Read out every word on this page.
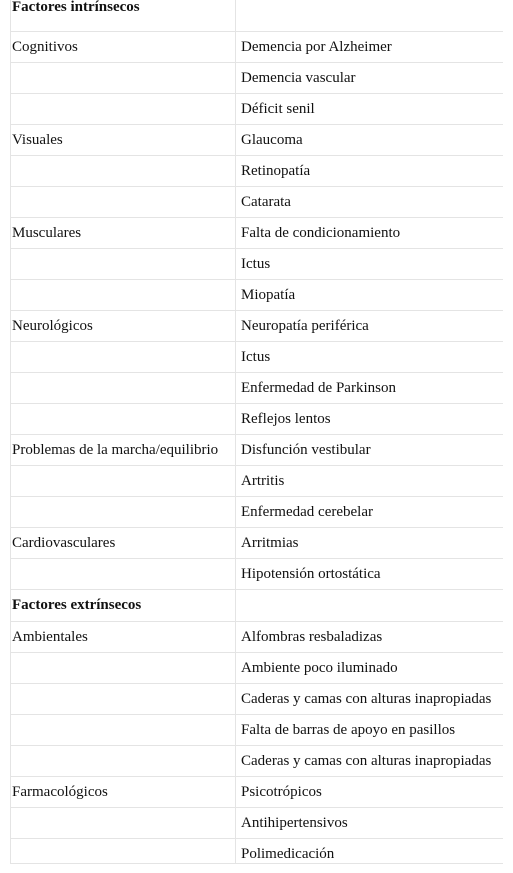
Factores intrínsecos	
Cognitivos	Demencia por Alzheimer
	Demencia vascular
	Déficit senil
Visuales	Glaucoma
	Retinopatía
	Catarata
Musculares	Falta de condicionamiento
	Ictus
	Miopatía
Neurológicos	Neuropatía periférica
	Ictus
	Enfermedad de Parkinson
	Reflejos lentos
Problemas de la marcha/equilibrio	Disfunción vestibular
	Artritis
	Enfermedad cerebelar
Cardiovasculares	Arritmias
	Hipotensión ortostática
Factores extrínsecos	
Ambientales	Alfombras resbaladizas
	Ambiente poco iluminado
	Caderas y camas con alturas inapropiadas
	Falta de barras de apoyo en pasillos
	Caderas y camas con alturas inapropiadas
Farmacológicos	Psicotrópicos
	Antihipertensivos
	Polimedicación
